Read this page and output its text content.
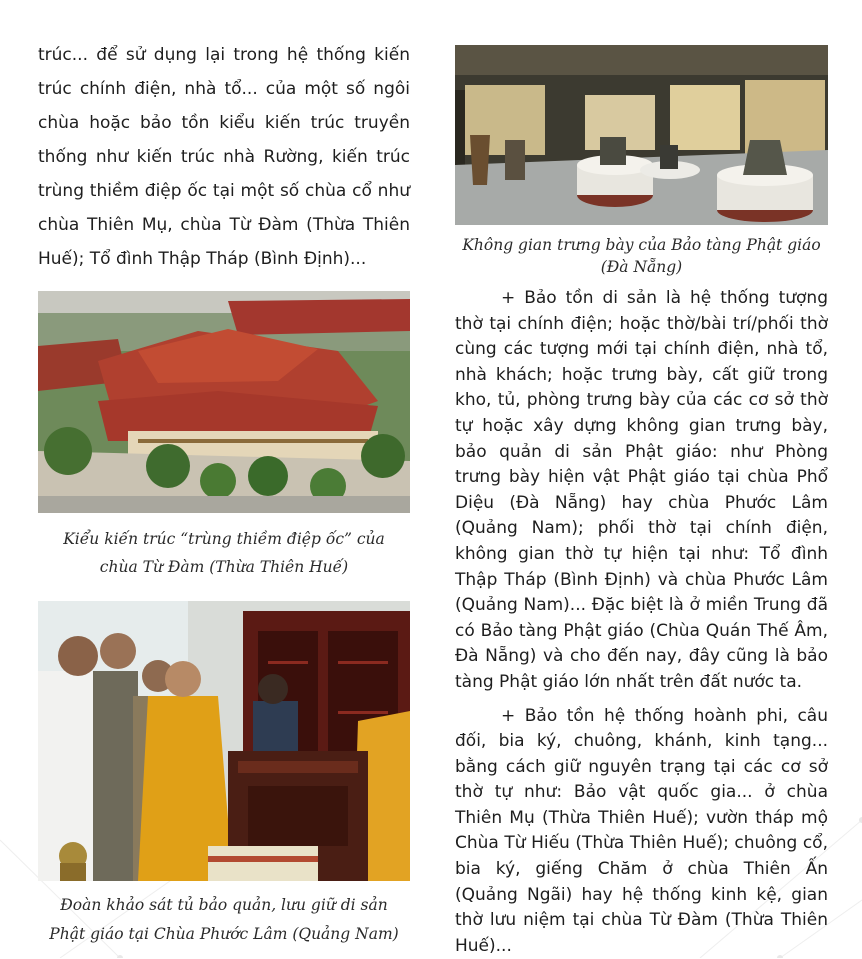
trúc... để sử dụng lại trong hệ thống kiến trúc chính điện, nhà tổ... của một số ngôi chùa hoặc bảo tồn kiểu kiến trúc truyền thống như kiến trúc nhà Rường, kiến trúc trùng thiềm điệp ốc tại một số chùa cổ như chùa Thiên Mụ, chùa Từ Đàm (Thừa Thiên Huế); Tổ đình Thập Tháp (Bình Định)...

Kiểu kiến trúc “trùng thiềm điệp ốc” của

chùa Từ Đàm (Thừa Thiên Huế)

Đoàn khảo sát tủ bảo quản, lưu giữ di sản

Phật giáo tại Chùa Phước Lâm (Quảng Nam)

Không gian trưng bày của Bảo tàng Phật giáo

(Đà Nẵng)

+ Bảo tồn di sản là hệ thống tượng thờ tại chính điện; hoặc thờ/bài trí/phối thờ cùng các tượng mới tại chính điện, nhà tổ, nhà khách; hoặc trưng bày, cất giữ trong kho, tủ, phòng trưng bày của các cơ sở thờ tự hoặc xây dựng không gian trưng bày, bảo quản di sản Phật giáo: như Phòng trưng bày hiện vật Phật giáo tại chùa Phổ Diệu (Đà Nẵng) hay chùa Phước Lâm (Quảng Nam); phối thờ tại chính điện, không gian thờ tự hiện tại như: Tổ đình Thập Tháp (Bình Định) và chùa Phước Lâm (Quảng Nam)... Đặc biệt là ở miền Trung đã có Bảo tàng Phật giáo (Chùa Quán Thế Âm, Đà Nẵng) và cho đến nay, đây cũng là bảo tàng Phật giáo lớn nhất trên đất nước ta.

+ Bảo tồn hệ thống hoành phi, câu đối, bia ký, chuông, khánh, kinh tạng... bằng cách giữ nguyên trạng tại các cơ sở thờ tự như: Bảo vật quốc gia... ở chùa Thiên Mụ (Thừa Thiên Huế); vườn tháp mộ Chùa Từ Hiếu (Thừa Thiên Huế); chuông cổ, bia ký, giếng Chăm ở chùa Thiên Ấn (Quảng Ngãi) hay hệ thống kinh kệ, gian thờ lưu niệm tại chùa Từ Đàm (Thừa Thiên Huế)...
